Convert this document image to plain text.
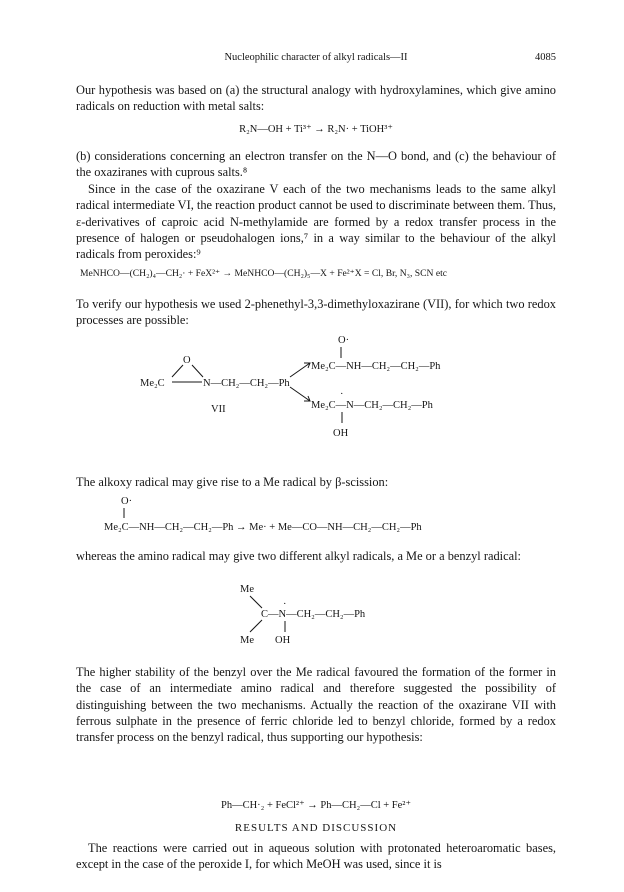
Nucleophilic character of alkyl radicals—II	4085

Our hypothesis was based on (a) the structural analogy with hydroxylamines, which give amino radicals on reduction with metal salts:

R₂N—OH + Ti³⁺ → R₂N· + TiOH³⁺

(b) considerations concerning an electron transfer on the N—O bond, and (c) the behaviour of the oxaziranes with cuprous salts.⁸

Since in the case of the oxazirane V each of the two mechanisms leads to the same alkyl radical intermediate VI, the reaction product cannot be used to discriminate between them. Thus, ε-derivatives of caproic acid N-methylamide are formed by a redox transfer process in the presence of halogen or pseudohalogen ions,⁷ in a way similar to the behaviour of the alkyl radicals from peroxides:⁹

MeNHCO—(CH₂)₄—CH₂· + FeX²⁺ → MeNHCO—(CH₂)₅—X + Fe²⁺X = Cl, Br, N₃, SCN etc

To verify our hypothesis we used 2-phenethyl-3,3-dimethyloxazirane (VII), for which two redox processes are possible:

O
Me₂C	N—CH₂—CH₂—Ph
VII
O·
Me₂C—NH—CH₂—CH₂—Ph
Me₂C—N—CH₂—CH₂—Ph
·
OH

The alkoxy radical may give rise to a Me radical by β-scission:

O·
Me₂C—NH—CH₂—CH₂—Ph → Me· + Me—CO—NH—CH₂—CH₂—Ph

whereas the amino radical may give two different alkyl radicals, a Me or a benzyl radical:

Me
C—N—CH₂—CH₂—Ph
·
Me OH

The higher stability of the benzyl over the Me radical favoured the formation of the former in the case of an intermediate amino radical and therefore suggested the possibility of distinguishing between the two mechanisms. Actually the reaction of the oxazirane VII with ferrous sulphate in the presence of ferric chloride led to benzyl chloride, formed by a redox transfer process on the benzyl radical, thus supporting our hypothesis:

Ph—CH·₂ + FeCl²⁺ → Ph—CH₂—Cl + Fe²⁺
RESULTS AND DISCUSSION

The reactions were carried out in aqueous solution with protonated heteroaromatic bases, except in the case of the peroxide I, for which MeOH was used, since it is
